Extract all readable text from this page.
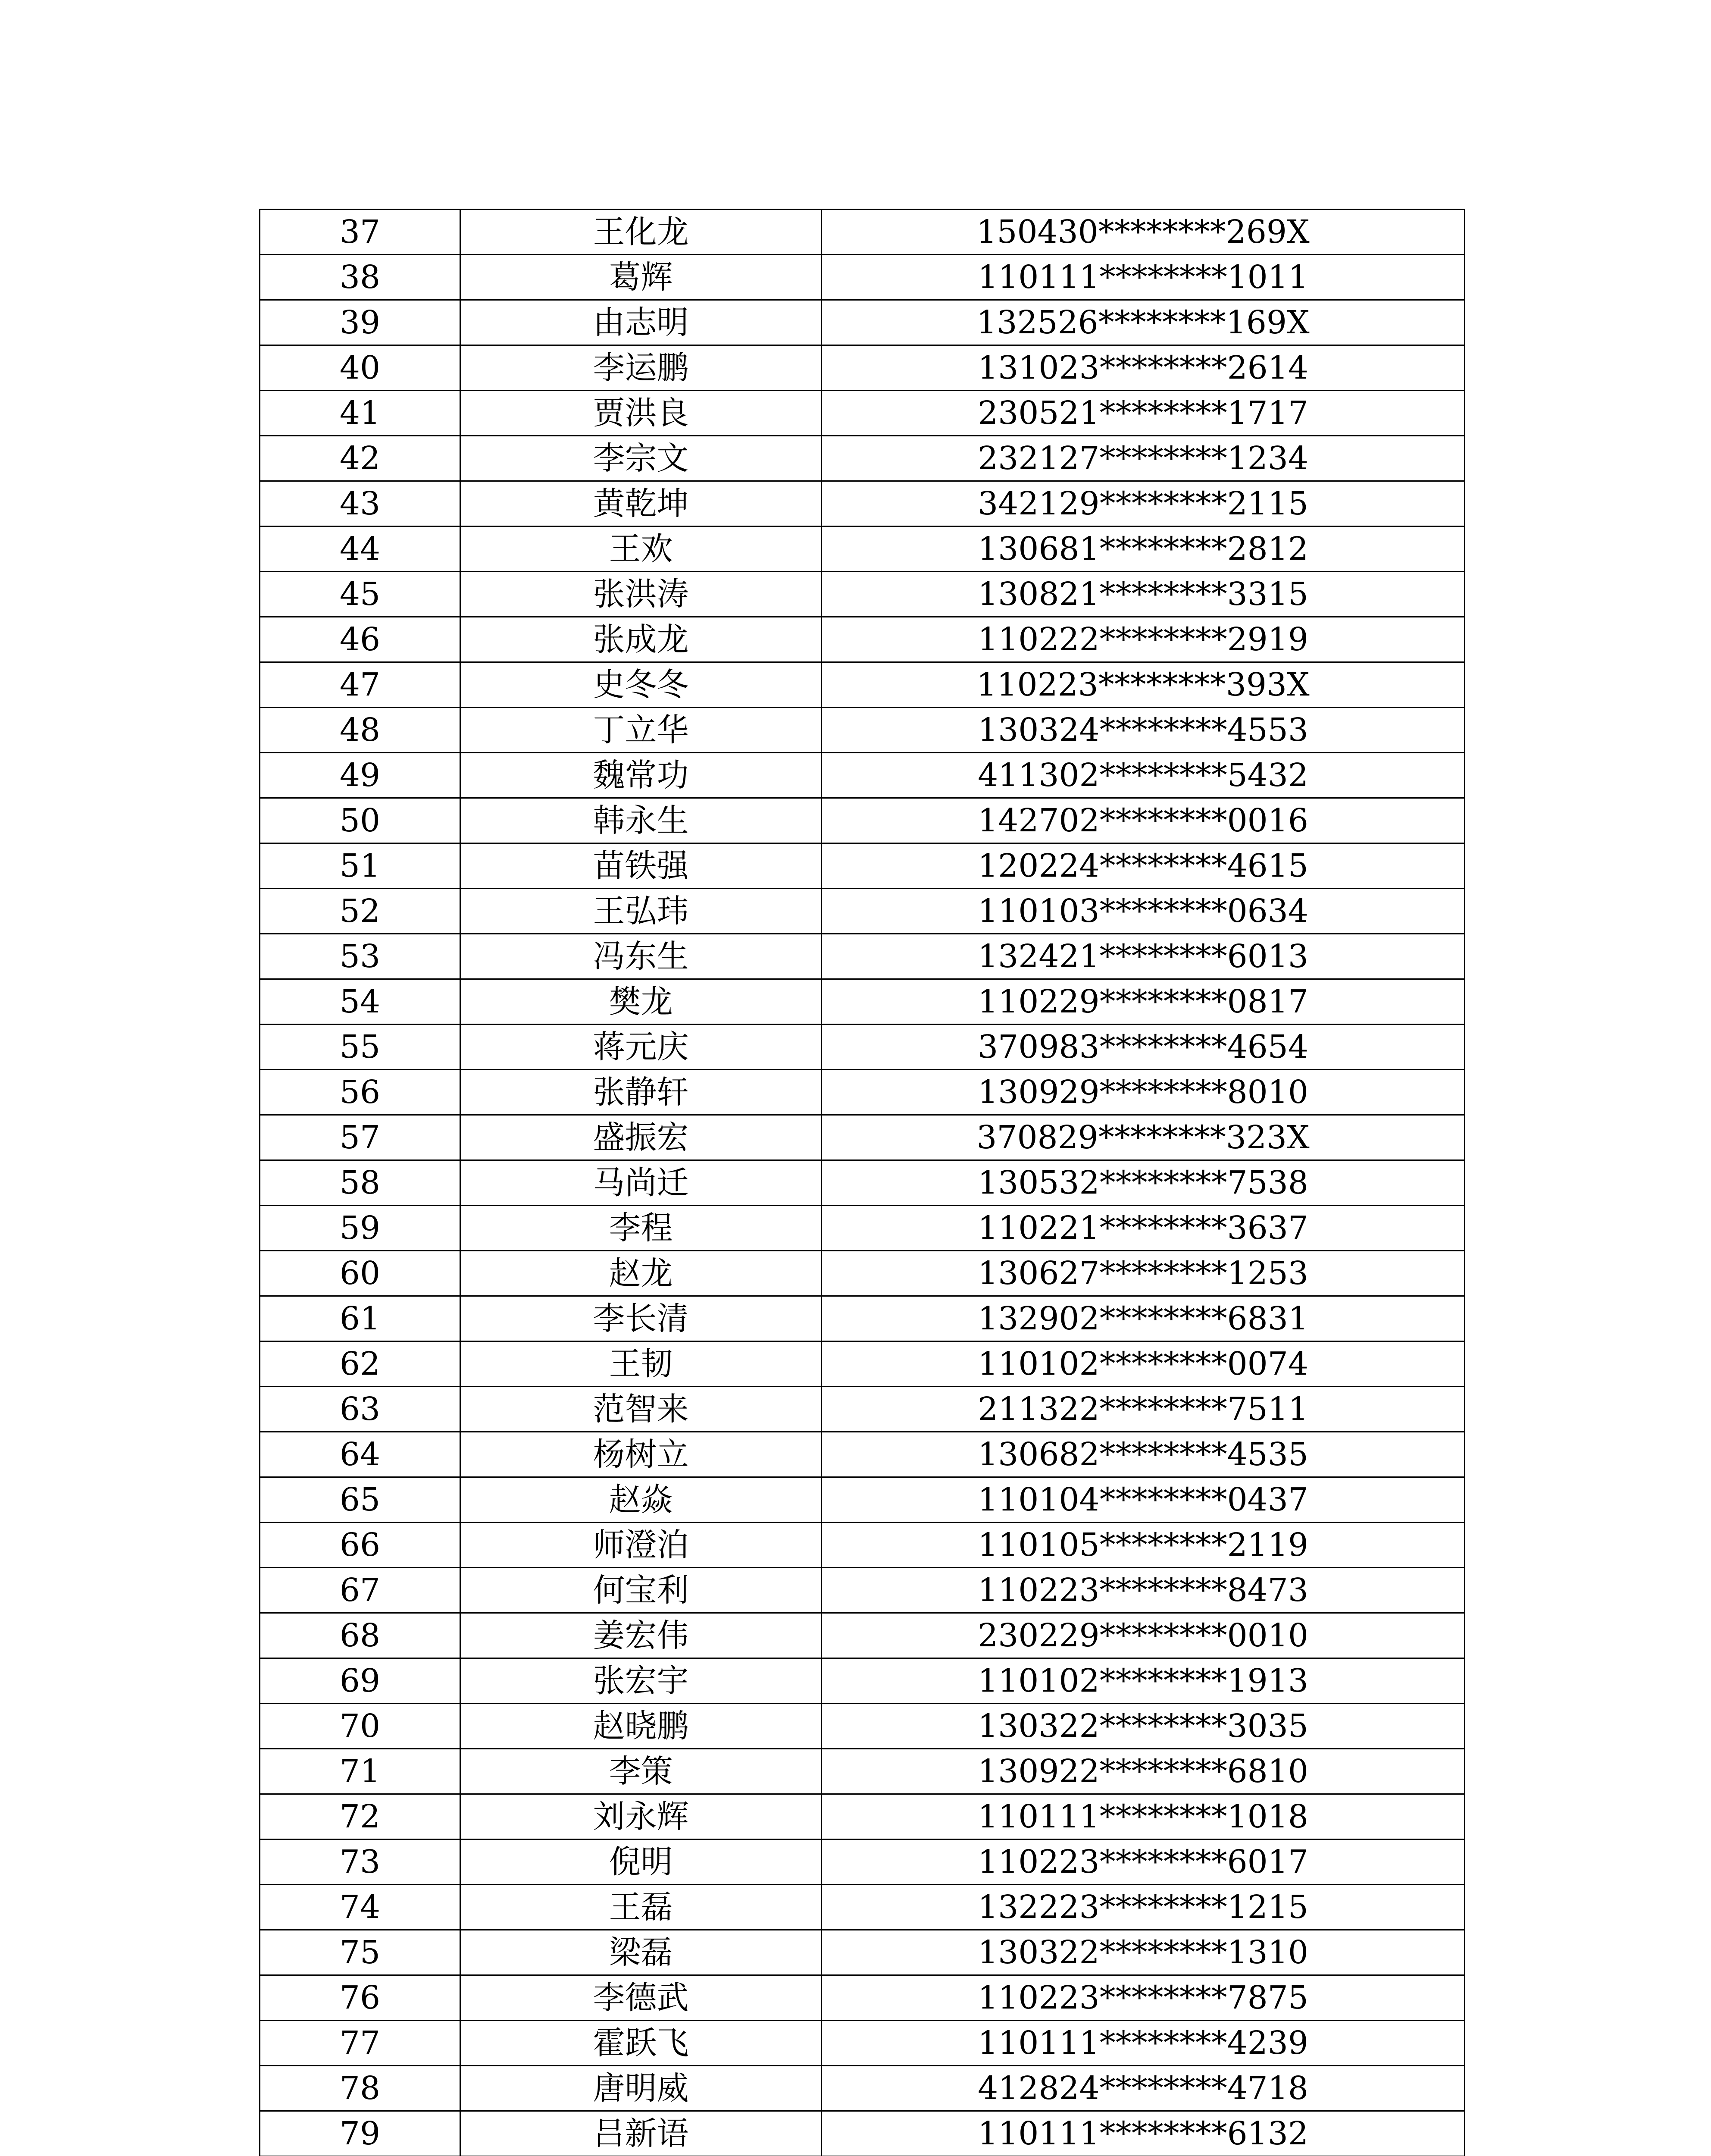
37	王化龙	150430********269X
38	葛辉	110111********1011
39	由志明	132526********169X
40	李运鹏	131023********2614
41	贾洪良	230521********1717
42	李宗文	232127********1234
43	黄乾坤	342129********2115
44	王欢	130681********2812
45	张洪涛	130821********3315
46	张成龙	110222********2919
47	史冬冬	110223********393X
48	丁立华	130324********4553
49	魏常功	411302********5432
50	韩永生	142702********0016
51	苗铁强	120224********4615
52	王弘玮	110103********0634
53	冯东生	132421********6013
54	樊龙	110229********0817
55	蒋元庆	370983********4654
56	张静轩	130929********8010
57	盛振宏	370829********323X
58	马尚迁	130532********7538
59	李程	110221********3637
60	赵龙	130627********1253
61	李长清	132902********6831
62	王韧	110102********0074
63	范智来	211322********7511
64	杨树立	130682********4535
65	赵焱	110104********0437
66	师澄泊	110105********2119
67	何宝利	110223********8473
68	姜宏伟	230229********0010
69	张宏宇	110102********1913
70	赵晓鹏	130322********3035
71	李策	130922********6810
72	刘永辉	110111********1018
73	倪明	110223********6017
74	王磊	132223********1215
75	梁磊	130322********1310
76	李德武	110223********7875
77	霍跃飞	110111********4239
78	唐明威	412824********4718
79	吕新语	110111********6132
